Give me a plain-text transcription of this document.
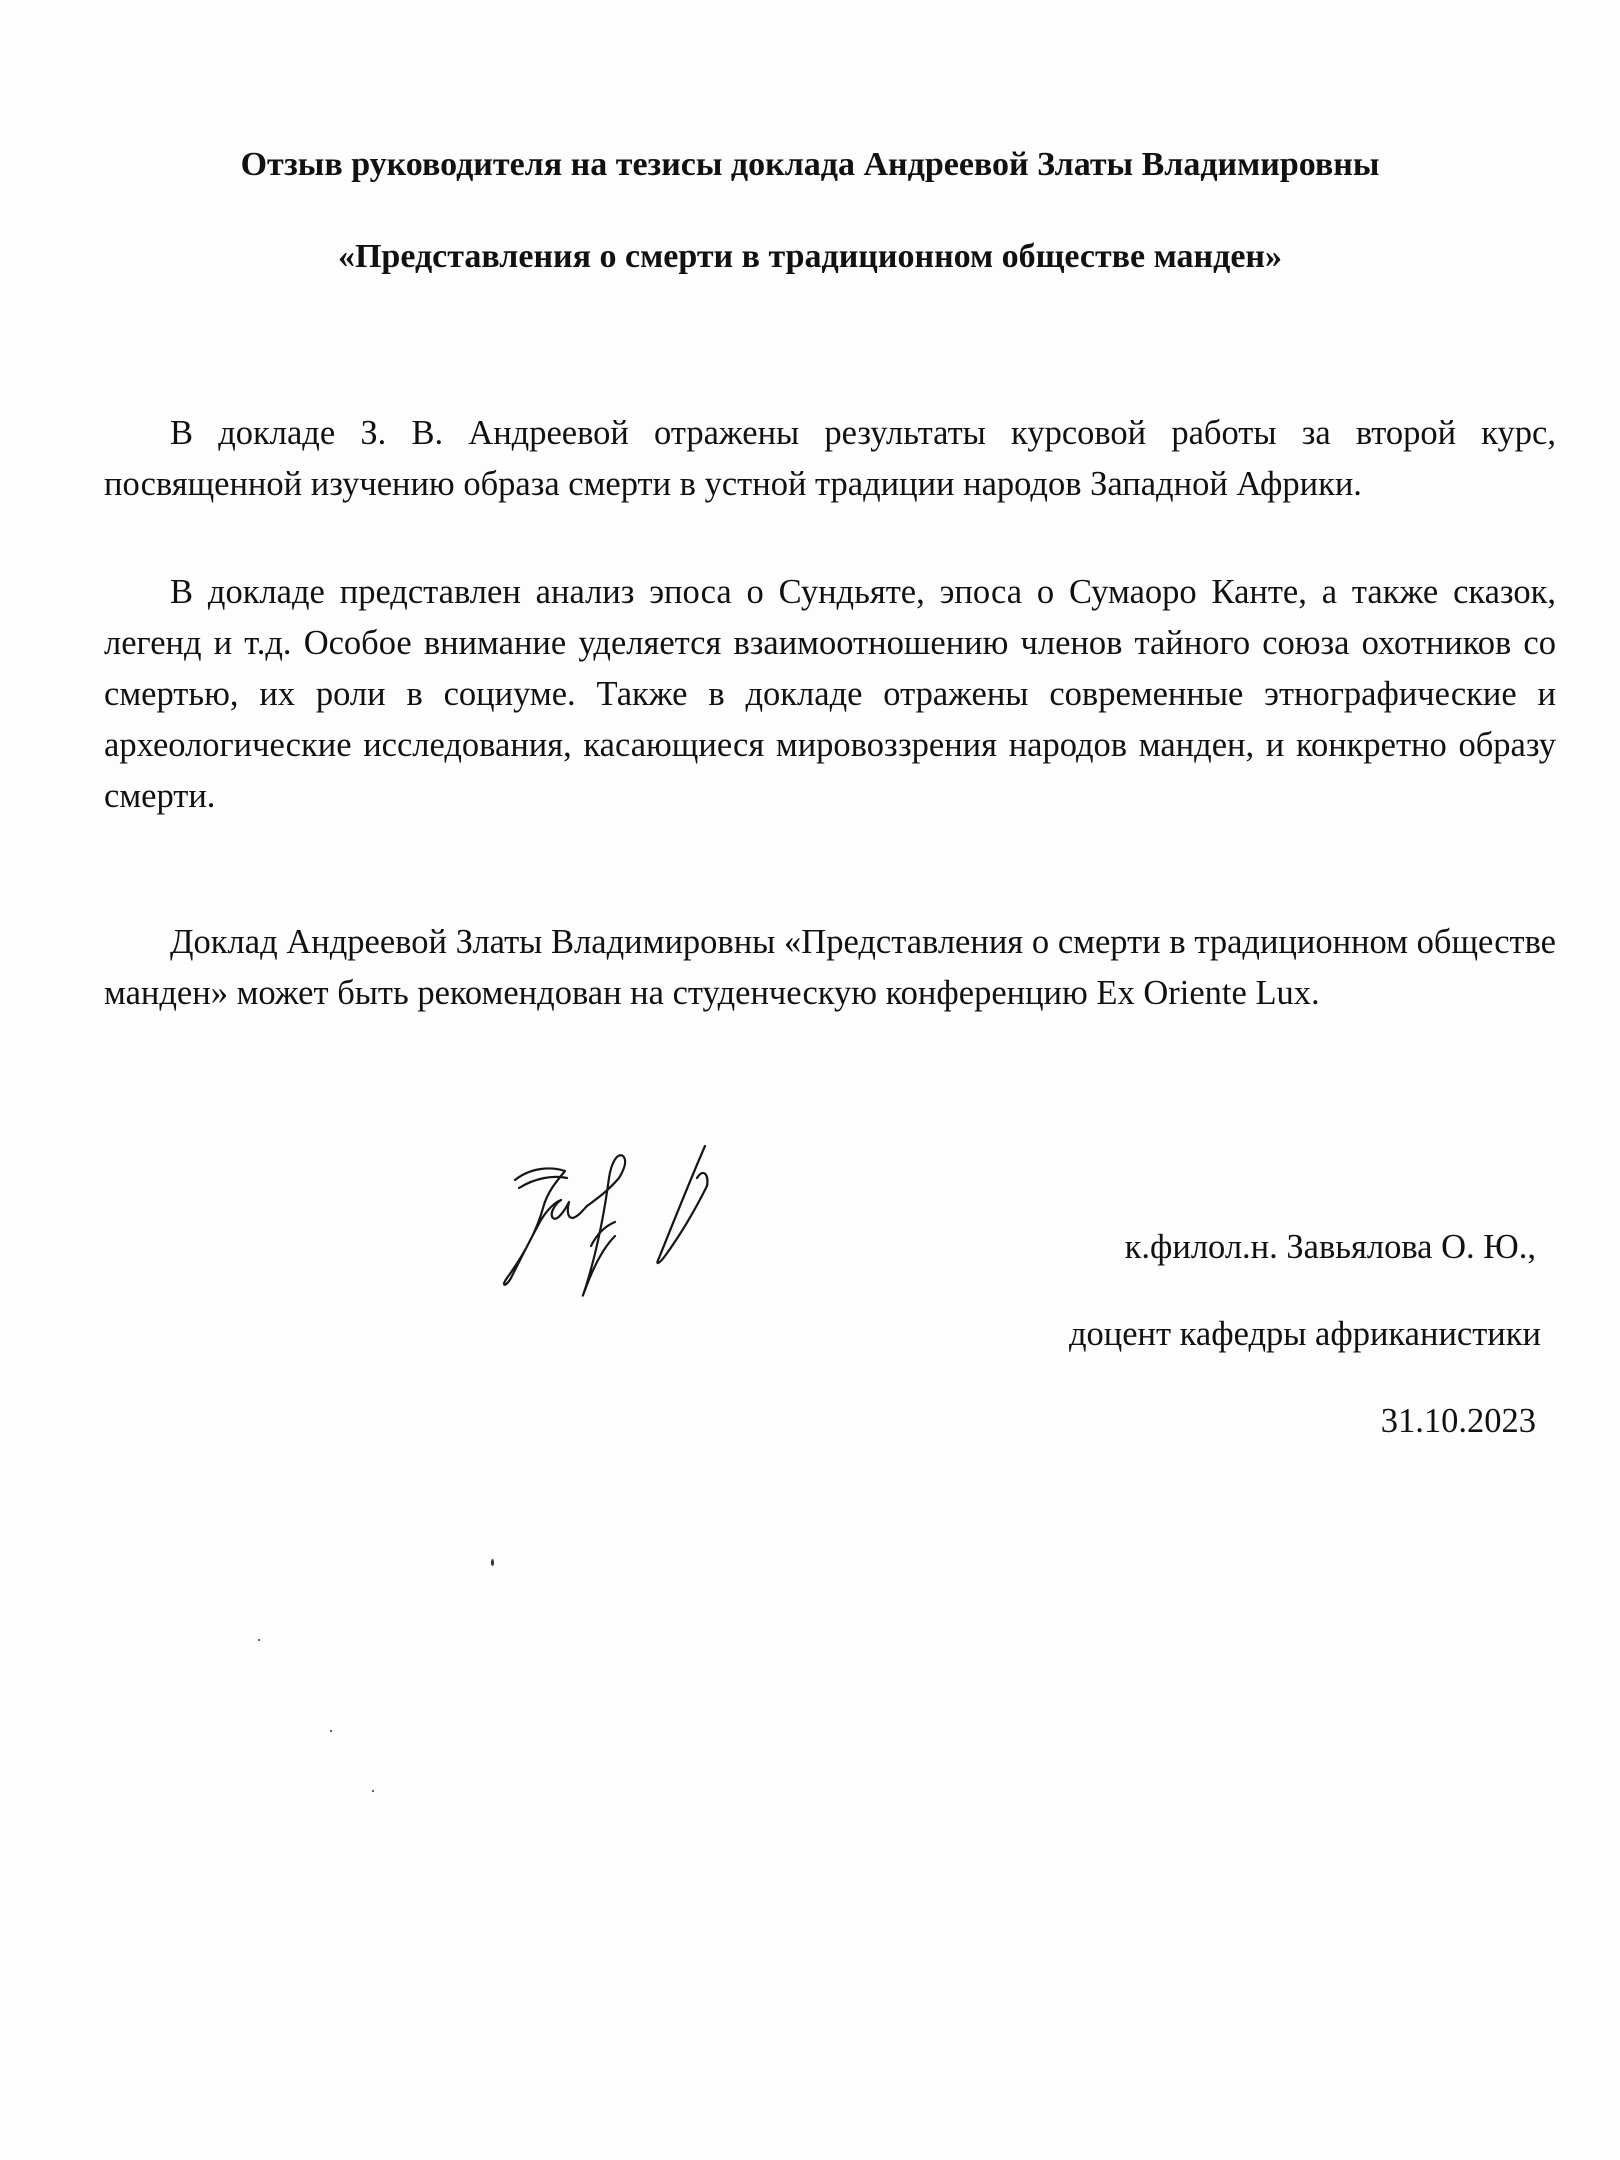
Отзыв руководителя на тезисы доклада Андреевой Златы Владимировны
«Представления о смерти в традиционном обществе манден»

В докладе З. В. Андреевой отражены результаты курсовой работы за второй курс, посвященной изучению образа смерти в устной традиции народов Западной Африки.

В докладе представлен анализ эпоса о Сундьяте, эпоса о Сумаоро Канте, а также сказок, легенд и т.д. Особое внимание уделяется взаимоотношению членов тайного союза охотников со смертью, их роли в социуме. Также в докладе отражены современные этнографические и археологические исследования, касающиеся мировоззрения народов манден, и конкретно образу смерти.

Доклад Андреевой Златы Владимировны «Представления о смерти в традиционном обществе манден» может быть рекомендован на студенческую конференцию Ex Oriente Lux.

к.филол.н. Завьялова О. Ю.,
доцент кафедры африканистики
31.10.2023
